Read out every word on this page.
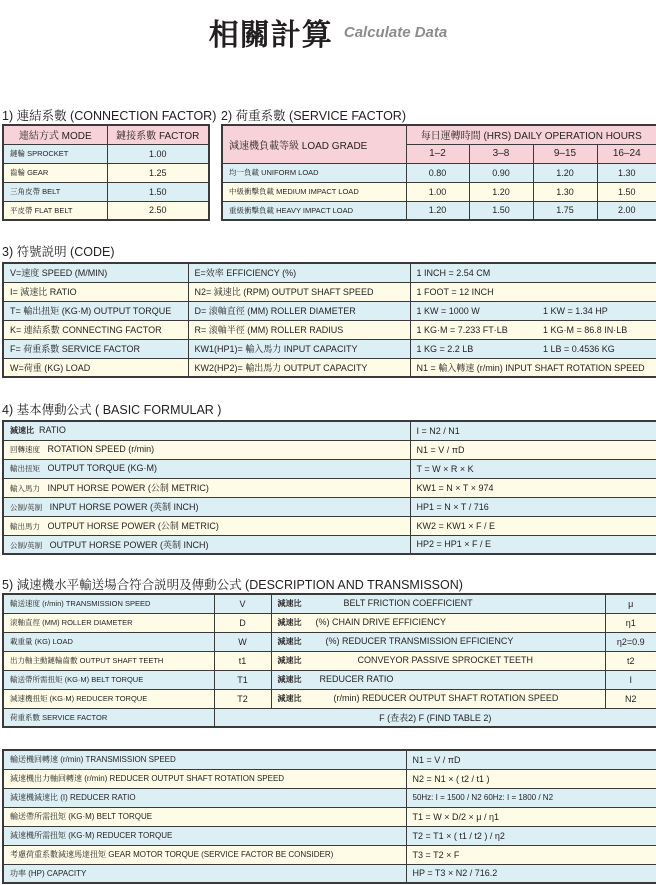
相關計算 Calculate Data
1) 連結系數 (CONNECTION FACTOR)
連結方式 MODE	鏈接系數 FACTOR
鏈輪 SPROCKET	1.00
齒輪 GEAR	1.25
三角皮帶 BELT	1.50
平皮帶 FLAT BELT	2.50
2) 荷重系數 (SERVICE FACTOR)
減速機負載等級 LOAD GRADE	每日運轉時間 (HRS) DAILY OPERATION HOURS			
	1–2	3–8	9–15	16–24
均一負載 UNIFORM LOAD	0.80	0.90	1.20	1.30
中級衝擊負載 MEDIUM IMPACT LOAD	1.00	1.20	1.30	1.50
重級衝擊負載 HEAVY IMPACT LOAD	1.20	1.50	1.75	2.00
3) 符號説明 (CODE)
V=速度 SPEED (M/MIN)	E=效率 EFFICIENCY (%)	1 INCH = 2.54 CM	
I= 減速比 RATIO	N2= 減速比 (RPM) OUTPUT SHAFT SPEED	1 FOOT = 12 INCH	
T= 輸出扭矩 (KG·M) OUTPUT TORQUE	D= 滚軸直徑 (MM) ROLLER DIAMETER	1 KW = 1000 W	1 KW = 1.34 HP
K= 連結系數 CONNECTING FACTOR	R= 滚軸半徑 (MM) ROLLER RADIUS	1 KG·M = 7.233 FT·LB	1 KG·M = 86.8 IN·LB
F= 荷重系數 SERVICE FACTOR	KW1(HP1)= 輸入馬力 INPUT CAPACITY	1 KG = 2.2 LB	1 LB = 0.4536 KG
W=荷重 (KG) LOAD	KW2(HP2)= 輸出馬力 OUTPUT CAPACITY	N1 = 輸入轉速 (r/min) INPUT SHAFT ROTATION SPEED	
4) 基本傳動公式 ( BASIC FORMULAR )
減速比 RATIO	I = N2 / N1
回轉速度 ROTATION SPEED (r/min)	N1 = V / πD
輸出扭矩 OUTPUT TORQUE (KG·M)	T = W × R × K
輸入馬力 INPUT HORSE POWER (公制 METRIC)	KW1 = N × T × 974
公制/英制 INPUT HORSE POWER (英制 INCH)	HP1 = N × T / 716
輸出馬力 OUTPUT HORSE POWER (公制 METRIC)	KW2 = KW1 × F / E
公制/英制 OUTPUT HORSE POWER (英制 INCH)	HP2 = HP1 × F / E
5) 減速機水平輸送場合符合説明及傳動公式 (DESCRIPTION AND TRANSMISSON)
輸送速度 (r/min) TRANSMISSION SPEED	V	減速比 BELT FRICTION COEFFICIENT	μ
滚軸直徑 (MM) ROLLER DIAMETER	D	減速比 (%) CHAIN DRIVE EFFICIENCY	η1
載重量 (KG) LOAD	W	減速比 (%) REDUCER TRANSMISSION EFFICIENCY	η2=0.9
出力軸主動鏈輪齒數 OUTPUT SHAFT TEETH	t1	減速比 CONVEYOR PASSIVE SPROCKET TEETH	t2
輸送帶所需扭矩 (KG·M) BELT TORQUE	T1	減速比 REDUCER RATIO	I
減速機扭矩 (KG·M) REDUCER TORQUE	T2	減速比 (r/min) REDUCER OUTPUT SHAFT ROTATION SPEED	N2
荷重系數 SERVICE FACTOR	F (查表2) F (FIND TABLE 2)		
輸送機回轉速 (r/min) TRANSMISSION SPEED	N1 = V / πD
減速機出力軸回轉速 (r/min) REDUCER OUTPUT SHAFT ROTATION SPEED	N2 = N1 × ( t2 / t1 )
減速機減速比 (I) REDUCER RATIO	50Hz: I = 1500 / N2 60Hz: I = 1800 / N2
輸送帶所需扭矩 (KG·M) BELT TORQUE	T1 = W × D/2 × μ / η1
減速機所需扭矩 (KG·M) REDUCER TORQUE	T2 = T1 × ( t1 / t2 ) / η2
考慮荷重系數減速馬達扭矩 GEAR MOTOR TORQUE (SERVICE FACTOR BE CONSIDER)	T3 = T2 × F
功率 (HP) CAPACITY	HP = T3 × N2 / 716.2
